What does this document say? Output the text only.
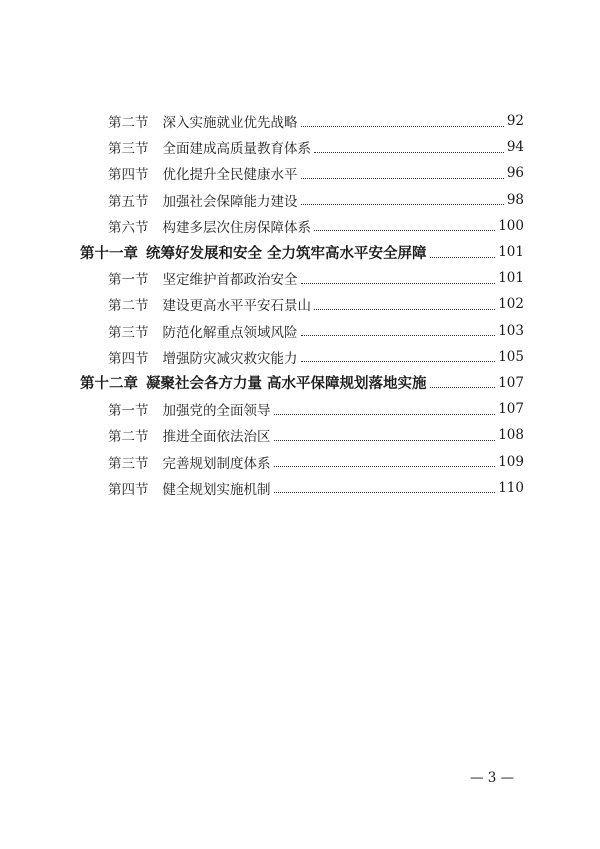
第二节 深入实施就业优先战略	92
第三节 全面建成高质量教育体系	94
第四节 优化提升全民健康水平	96
第五节 加强社会保障能力建设	98
第六节 构建多层次住房保障体系	100
第十一章 统筹好发展和安全 全力筑牢高水平安全屏障	101
第一节 坚定维护首都政治安全	101
第二节 建设更高水平平安石景山	102
第三节 防范化解重点领域风险	103
第四节 增强防灾减灾救灾能力	105
第十二章 凝聚社会各方力量 高水平保障规划落地实施	107
第一节 加强党的全面领导	107
第二节 推进全面依法治区	108
第三节 完善规划制度体系	109
第四节 健全规划实施机制	110
— 3 —
